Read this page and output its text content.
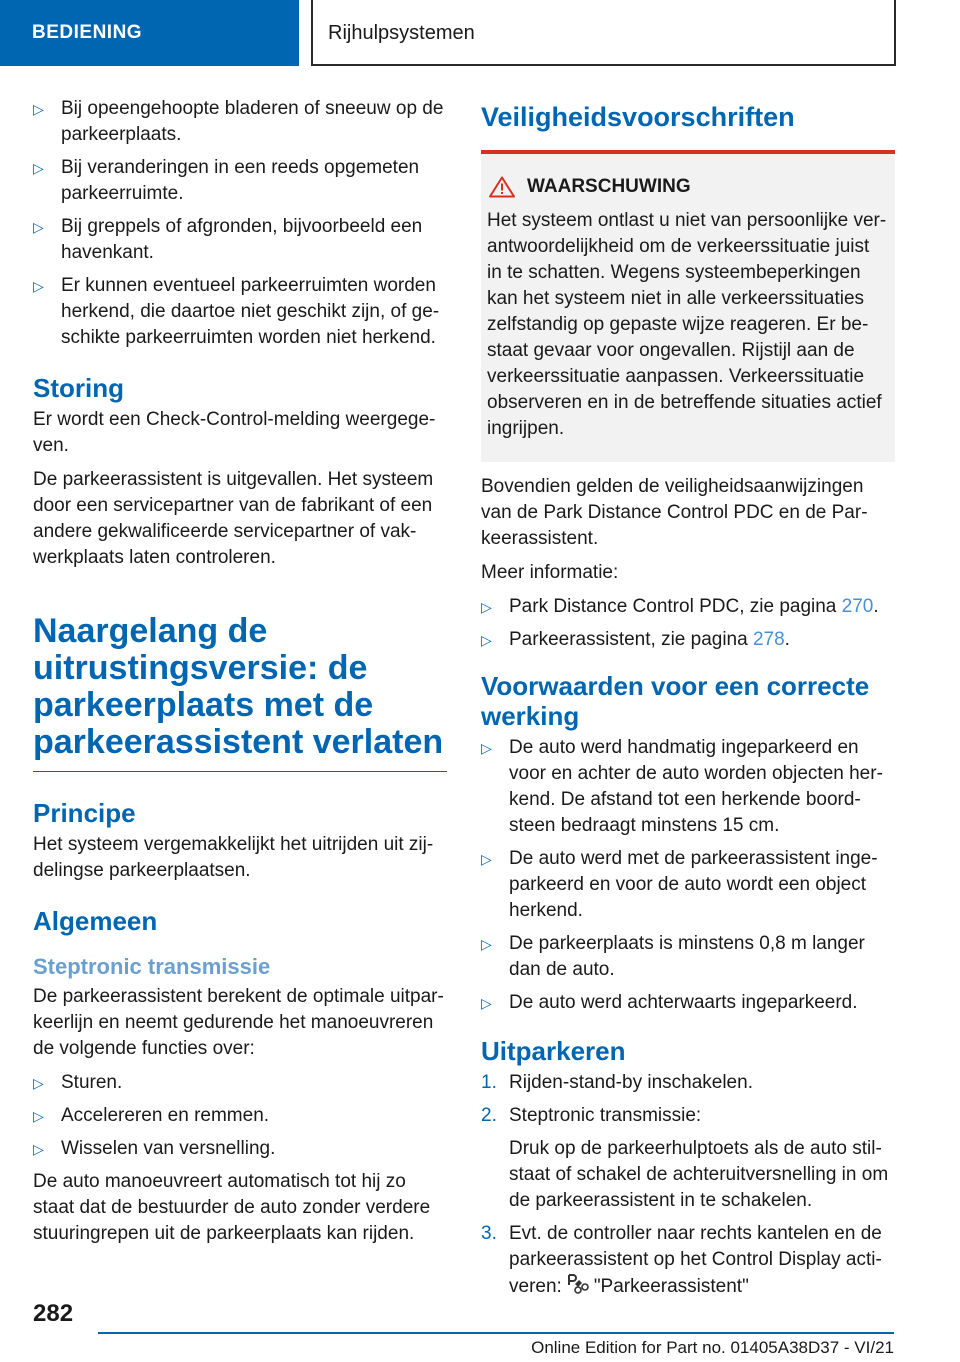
BEDIENING	Rijhulpsystemen
▷ Bij opeengehoopte bladeren of sneeuw op de parkeerplaats.
▷ Bij veranderingen in een reeds opgemeten parkeerruimte.
▷ Bij greppels of afgronden, bijvoorbeeld een havenkant.
▷ Er kunnen eventueel parkeerruimten worden herkend, die daartoe niet geschikt zijn, of geschikte parkeerruimten worden niet herkend.
Storing

Er wordt een Check-Control-melding weergegeven.

De parkeerassistent is uitgevallen. Het systeem door een servicepartner van de fabrikant of een andere gekwalificeerde servicepartner of vakwerkplaats laten controleren.

Naargelang de uitrustingsversie: de parkeerplaats met de parkeerassistent verlaten
Principe

Het systeem vergemakkelijkt het uitrijden uit zijdelingse parkeerplaatsen.

Algemeen
Steptronic transmissie

De parkeerassistent berekent de optimale uitparkeerlijn en neemt gedurende het manoeuvreren de volgende functies over:

▷ Sturen.
▷ Accelereren en remmen.
▷ Wisselen van versnelling.

De auto manoeuvreert automatisch tot hij zo staat dat de bestuurder de auto zonder verdere stuuringrepen uit de parkeerplaats kan rijden.

Veiligheidsvoorschriften
WAARSCHUWING
Het systeem ontlast u niet van persoonlijke verantwoordelijkheid om de verkeerssituatie juist in te schatten. Wegens systeembeperkingen kan het systeem niet in alle verkeerssituaties zelfstandig op gepaste wijze reageren. Er bestaat gevaar voor ongevallen. Rijstijl aan de verkeerssituatie aanpassen. Verkeerssituatie observeren en in de betreffende situaties actief ingrijpen.

Bovendien gelden de veiligheidsaanwijzingen van de Park Distance Control PDC en de Parkeerassistent.

Meer informatie:

▷ Park Distance Control PDC, zie pagina 270.
▷ Parkeerassistent, zie pagina 278.
Voorwaarden voor een correcte werking
▷ De auto werd handmatig ingeparkeerd en voor en achter de auto worden objecten herkend. De afstand tot een herkende boordsteen bedraagt minstens 15 cm.
▷ De auto werd met de parkeerassistent ingeparkeerd en voor de auto wordt een object herkend.
▷ De parkeerplaats is minstens 0,8 m langer dan de auto.
▷ De auto werd achterwaarts ingeparkeerd.
Uitparkeren
1. Rijden-stand-by inschakelen.
2. Steptronic transmissie:
Druk op de parkeerhulptoets als de auto stilstaat of schakel de achteruitversnelling in om de parkeerassistent in te schakelen.
3. Evt. de controller naar rechts kantelen en de parkeerassistent op het Control Display activeren: "Parkeerassistent"
282
Online Edition for Part no. 01405A38D37 - VI/21
